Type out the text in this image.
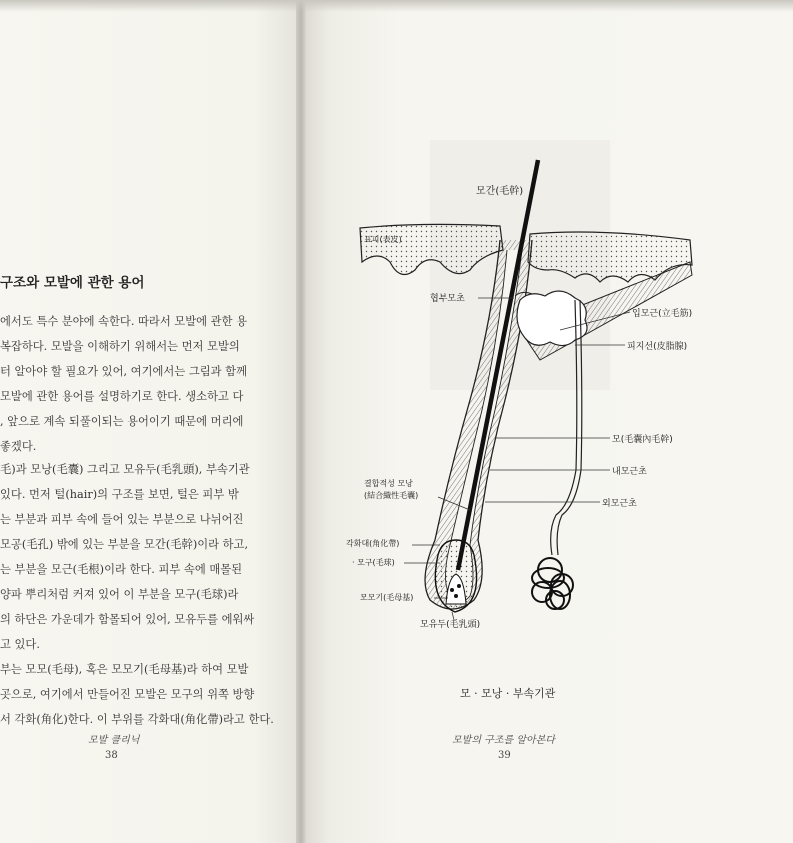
구조와 모발에 관한 용어
에서도 특수 분야에 속한다. 따라서 모발에 관한 용
복잡하다. 모발을 이해하기 위해서는 먼저 모발의
터 알아야 할 필요가 있어, 여기에서는 그림과 함께
모발에 관한 용어를 설명하기로 한다. 생소하고 다
, 앞으로 계속 되풀이되는 용어이기 때문에 머리에
좋겠다.
毛)과 모낭(毛囊) 그리고 모유두(毛乳頭), 부속기관
있다. 먼저 털(hair)의 구조를 보면, 털은 피부 밖
는 부분과 피부 속에 들어 있는 부분으로 나뉘어진
모공(毛孔) 밖에 있는 부분을 모간(毛幹)이라 하고,
는 부분을 모근(毛根)이라 한다. 피부 속에 매몰된
양파 뿌리처럼 커져 있어 이 부분을 모구(毛球)라
의 하단은 가운데가 함몰되어 있어, 모유두를 에워싸
고 있다.
부는 모모(毛母), 혹은 모모기(毛母基)라 하여 모발
곳으로, 여기에서 만들어진 모발은 모구의 위쪽 방향
서 각화(角化)한다. 이 부위를 각화대(角化帶)라고 한다.
모발 클리닉
38
모발의 구조를 알아본다
39
모간(毛幹)
표피(表皮)
협부모초
입모근(立毛筋)
피지선(皮脂腺)
모(毛囊內毛幹)
내모근초
외모근초
결합적성 모낭
(結合織性毛囊)
각화대(角化帶)
· 모구(毛球)
모모기(毛母基)
모유두(毛乳頭)
모 · 모낭 · 부속기관
